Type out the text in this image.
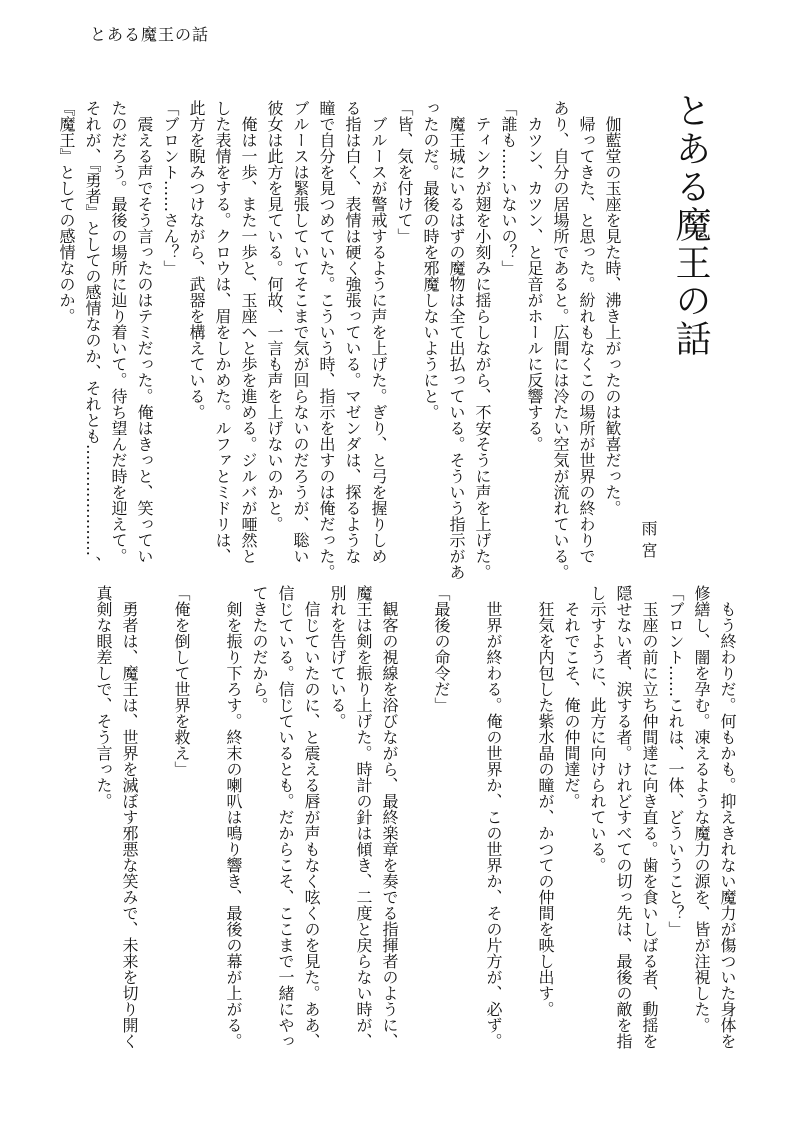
とある魔王の話
とある魔王の話
雨宮
　伽藍堂の玉座を見た時、沸き上がったのは歓喜だった。
　帰ってきた、と思った。紛れもなくこの場所が世界の終わりで
あり、自分の居場所であると。広間には冷たい空気が流れている。
　カツン、カツン、と足音がホールに反響する。
「誰も……いないの？」
　ティンクが翅を小刻みに揺らしながら、不安そうに声を上げた。
　魔王城にいるはずの魔物は全て出払っている。そういう指示があ
ったのだ。最後の時を邪魔しないようにと。
「皆、気を付けて」
　ブルースが警戒するように声を上げた。ぎり、と弓を握りしめ
る指は白く、表情は硬く強張っている。マゼンダは、探るような
瞳で自分を見つめていた。こういう時、指示を出すのは俺だった。
ブルースは緊張していてそこまで気が回らないのだろうが、聡い
彼女は此方を見ている。何故、一言も声を上げないのかと。
　俺は一歩、また一歩と、玉座へと歩を進める。ジルバが唖然と
した表情をする。クロウは、眉をしかめた。ルファとミドリは、
此方を睨みつけながら、武器を構えている。
「ブロント……さん？」
　震える声でそう言ったのはテミだった。俺はきっと、笑ってい
たのだろう。最後の場所に辿り着いて。待ち望んだ時を迎えて。
それが、『勇者』としての感情なのか、それとも…………………、
『魔王』としての感情なのか。
　もう終わりだ。何もかも。抑えきれない魔力が傷ついた身体を
修繕し、闇を孕む。凍えるような魔力の源を、皆が注視した。
「ブロント……これは、一体、どういうこと？」
　玉座の前に立ち仲間達に向き直る。歯を食いしばる者、動揺を
隠せない者、涙する者。けれどすべての切っ先は、最後の敵を指
し示すように、此方に向けられている。
　それでこそ、俺の仲間達だ。
　狂気を内包した紫水晶の瞳が、かつての仲間を映し出す。

　世界が終わる。俺の世界か、この世界か、その片方が、必ず。

「最後の命令だ」

　観客の視線を浴びながら、最終楽章を奏でる指揮者のように、
魔王は剣を振り上げた。時計の針は傾き、二度と戻らない時が、
別れを告げている。
　信じていたのに、と震える唇が声もなく呟くのを見た。ああ、
信じている。信じているとも。だからこそ、ここまで一緒にやっ
てきたのだから。
　剣を振り下ろす。終末の喇叭は鳴り響き、最後の幕が上がる。

「俺を倒して世界を救え」

　勇者は、魔王は、世界を滅ぼす邪悪な笑みで、未来を切り開く
真剣な眼差しで、そう言った。
